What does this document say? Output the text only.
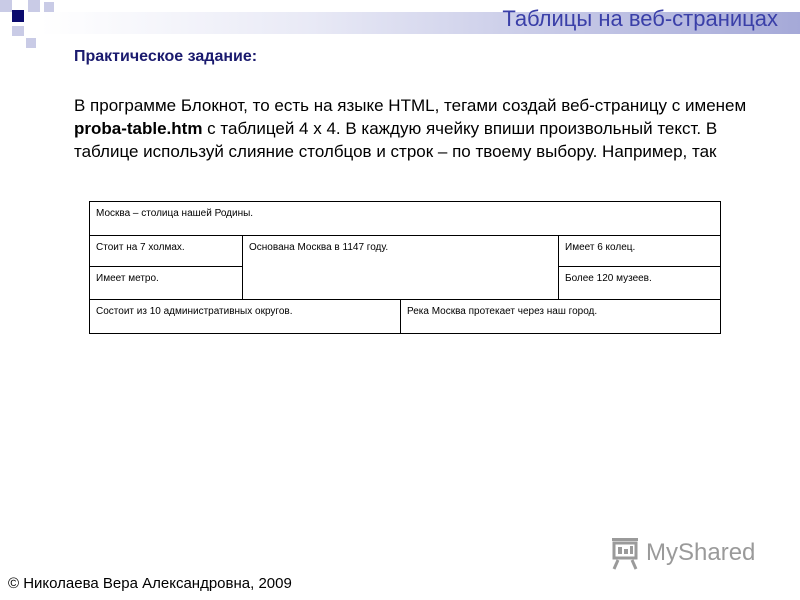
Таблицы на веб-страницах
Практическое задание:
В программе Блокнот, то есть на языке HTML, тегами создай веб-страницу с именем proba-table.htm с таблицей 4 х 4. В каждую ячейку впиши произвольный текст. В таблице используй слияние столбцов и строк – по твоему выбору. Например, так
Москва – столица нашей Родины.			
Стоит на 7 холмах.	Основана Москва в 1147 году.		Имеет 6 колец.
Имеет метро.			Более 120 музеев.
Состоит из 10 административных округов.		Река Москва протекает через наш город.	
© Николаева Вера Александровна, 2009
MyShared
